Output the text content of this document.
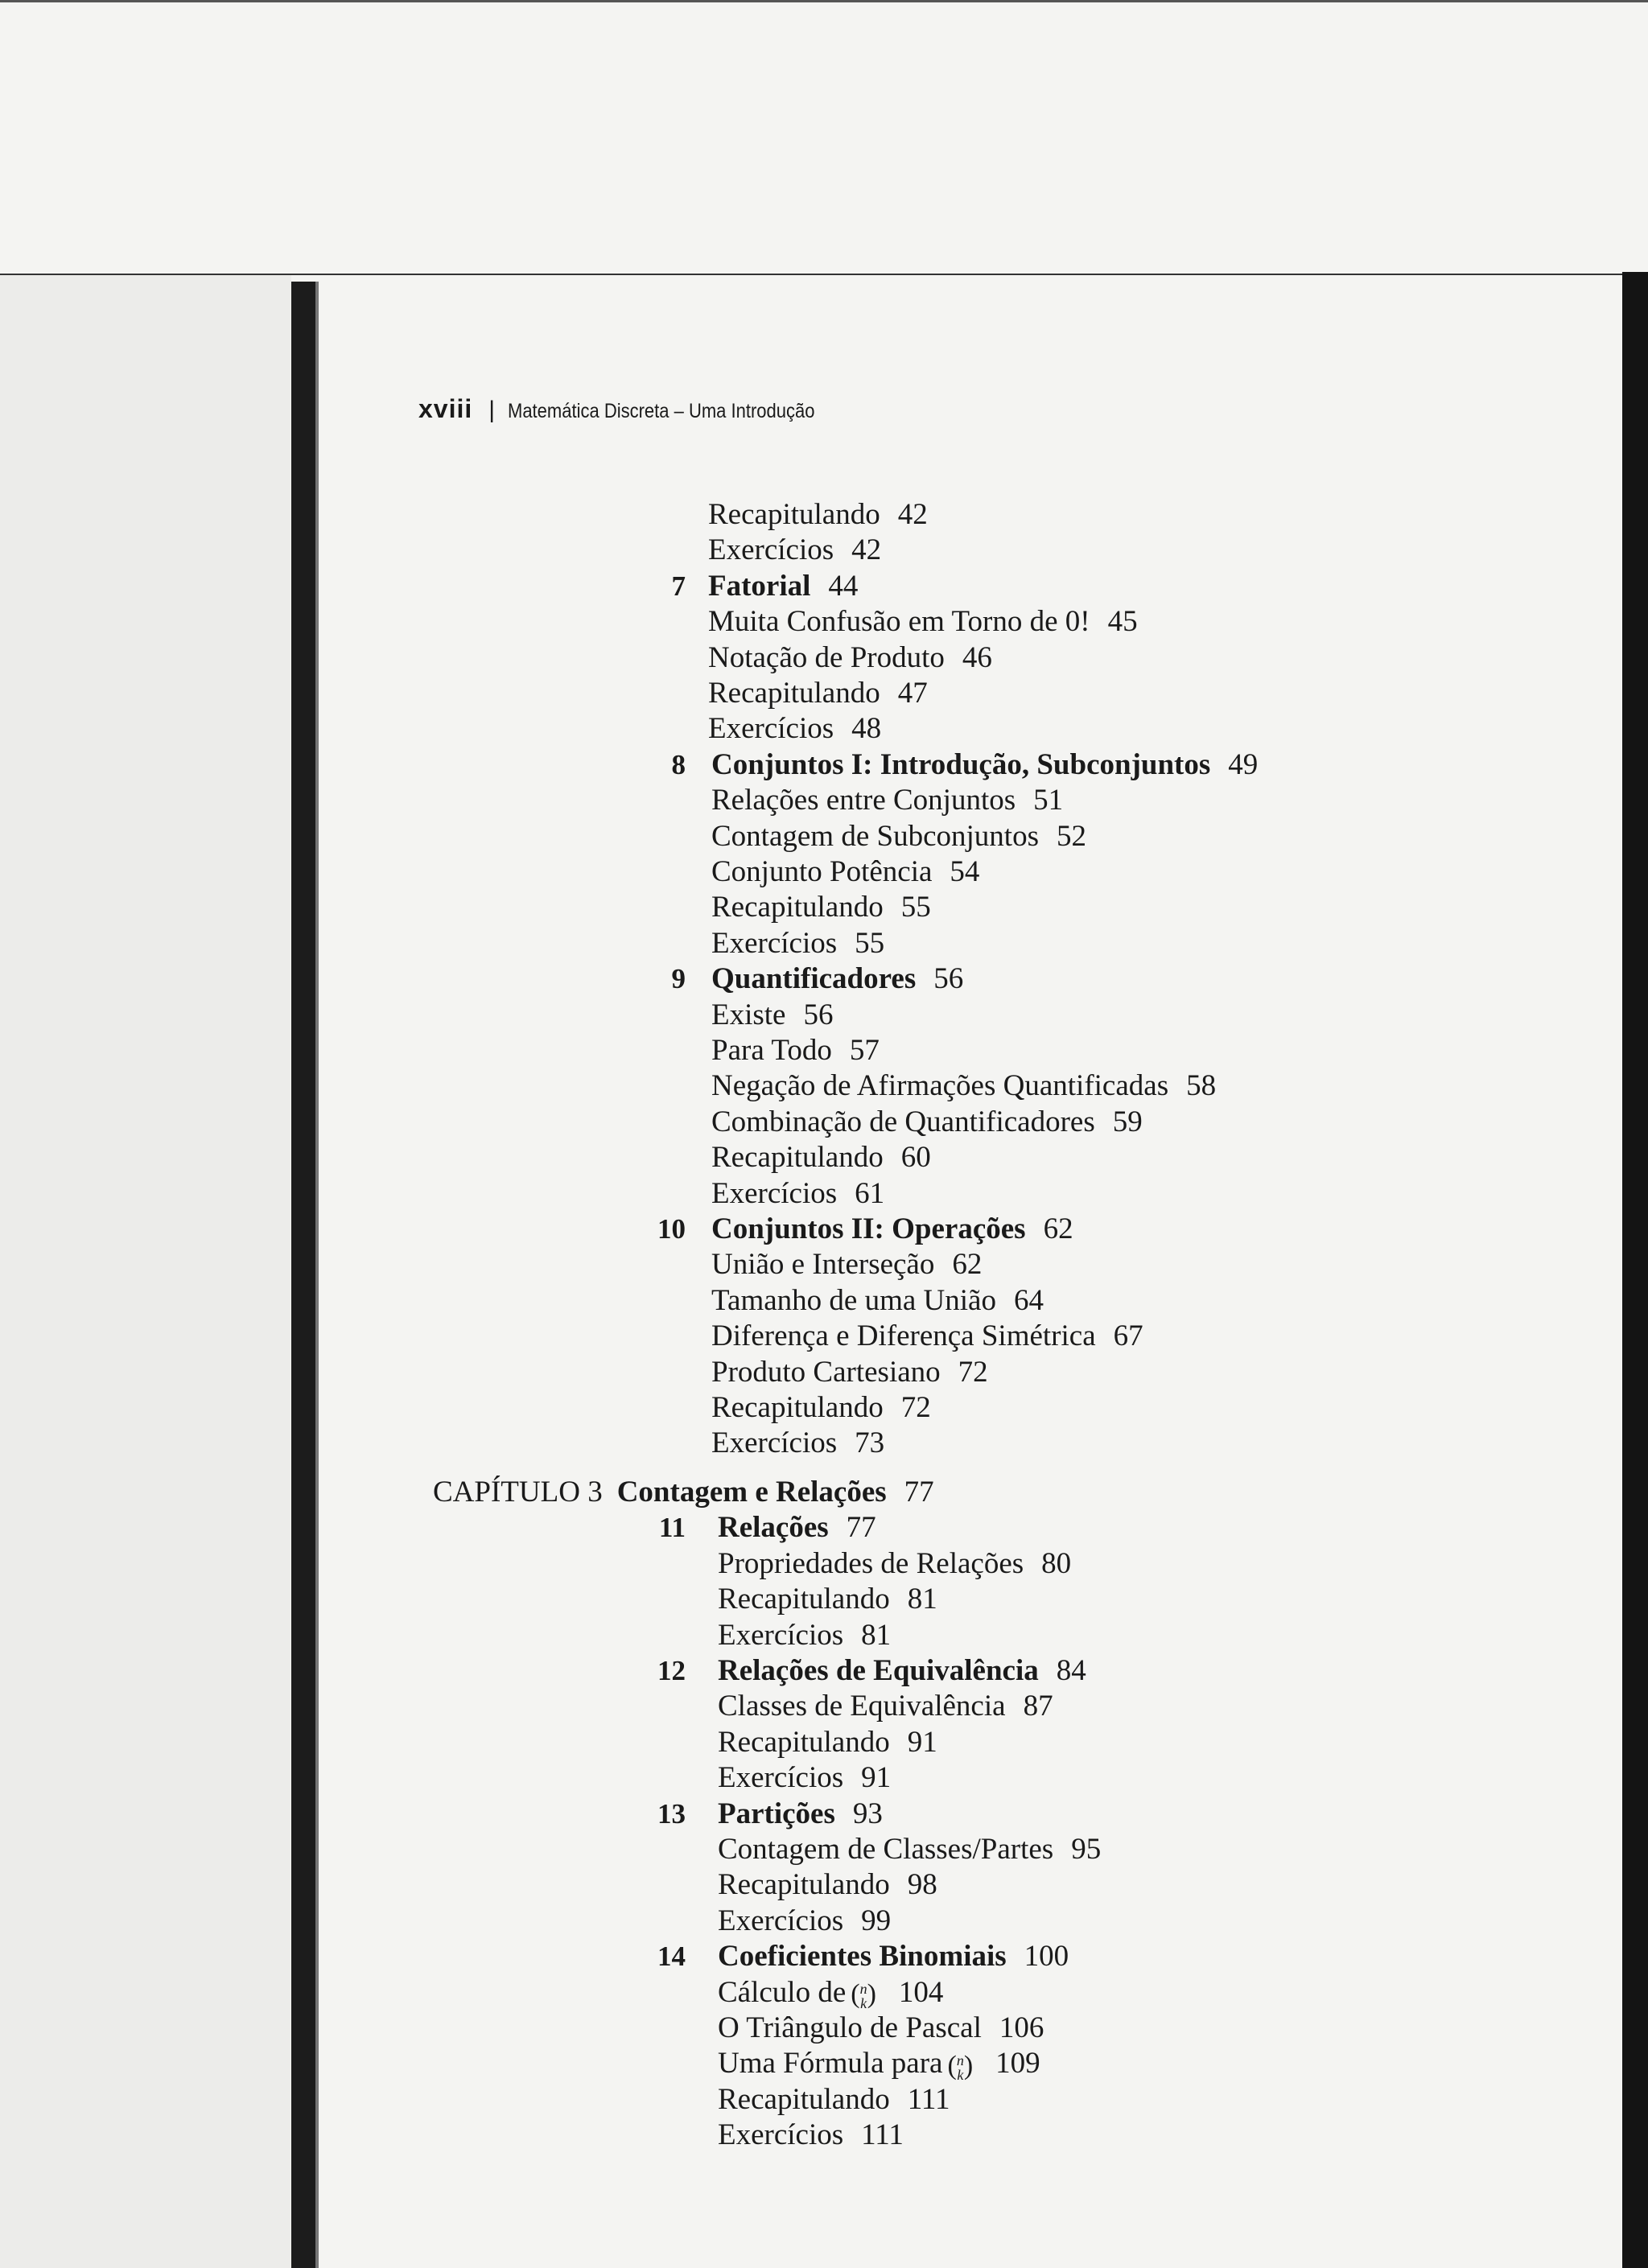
xviii | Matemática Discreta – Uma Introdução
Recapitulando 42
Exercícios 42
7 Fatorial 44
Muita Confusão em Torno de 0! 45
Notação de Produto 46
Recapitulando 47
Exercícios 48
8 Conjuntos I: Introdução, Subconjuntos 49
Relações entre Conjuntos 51
Contagem de Subconjuntos 52
Conjunto Potência 54
Recapitulando 55
Exercícios 55
9 Quantificadores 56
Existe 56
Para Todo 57
Negação de Afirmações Quantificadas 58
Combinação de Quantificadores 59
Recapitulando 60
Exercícios 61
10 Conjuntos II: Operações 62
União e Interseção 62
Tamanho de uma União 64
Diferença e Diferença Simétrica 67
Produto Cartesiano 72
Recapitulando 72
Exercícios 73
CAPÍTULO 3 Contagem e Relações 77
11 Relações 77
Propriedades de Relações 80
Recapitulando 81
Exercícios 81
12 Relações de Equivalência 84
Classes de Equivalência 87
Recapitulando 91
Exercícios 91
13 Partições 93
Contagem de Classes/Partes 95
Recapitulando 98
Exercícios 99
14 Coeficientes Binomiais 100
Cálculo de (n
k) 104
O Triângulo de Pascal 106
Uma Fórmula para (n
k) 109
Recapitulando 111
Exercícios 111
